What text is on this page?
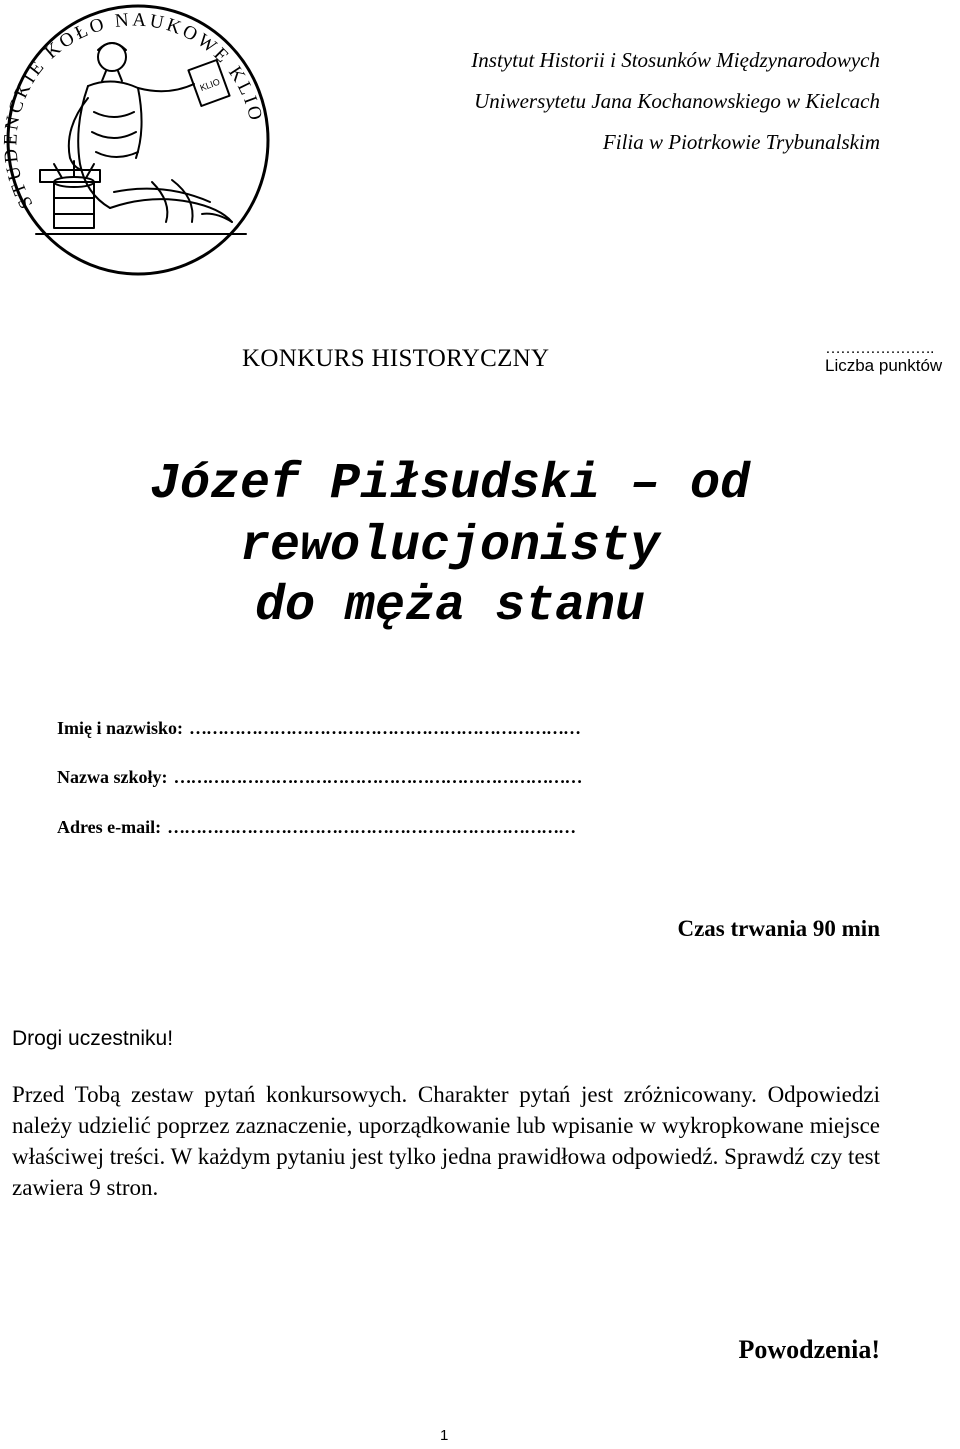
STUDENCKIE KOŁO NAUKOWE KLIO
KLIO
Instytut Historii i Stosunków Międzynarodowych
Uniwersytetu Jana Kochanowskiego w Kielcach
Filia w Piotrkowie Trybunalskim
KONKURS HISTORYCZNY	………………….
Liczba punktów
Józef Piłsudski – od
rewolucjonisty
do męża stanu
Imię i nazwisko: ……………………………………………………………
Nazwa szkoły: ………………………………………………………………
Adres e-mail: ………………………………………………………………
Czas trwania 90 min
Drogi uczestniku!
Przed Tobą zestaw pytań konkursowych. Charakter pytań jest zróżnicowany. Odpowiedzi należy udzielić poprzez zaznaczenie, uporządkowanie lub wpisanie w wykropkowane miejsce właściwej treści. W każdym pytaniu jest tylko jedna prawidłowa odpowiedź. Sprawdź czy test zawiera 9 stron.
Powodzenia!
1
